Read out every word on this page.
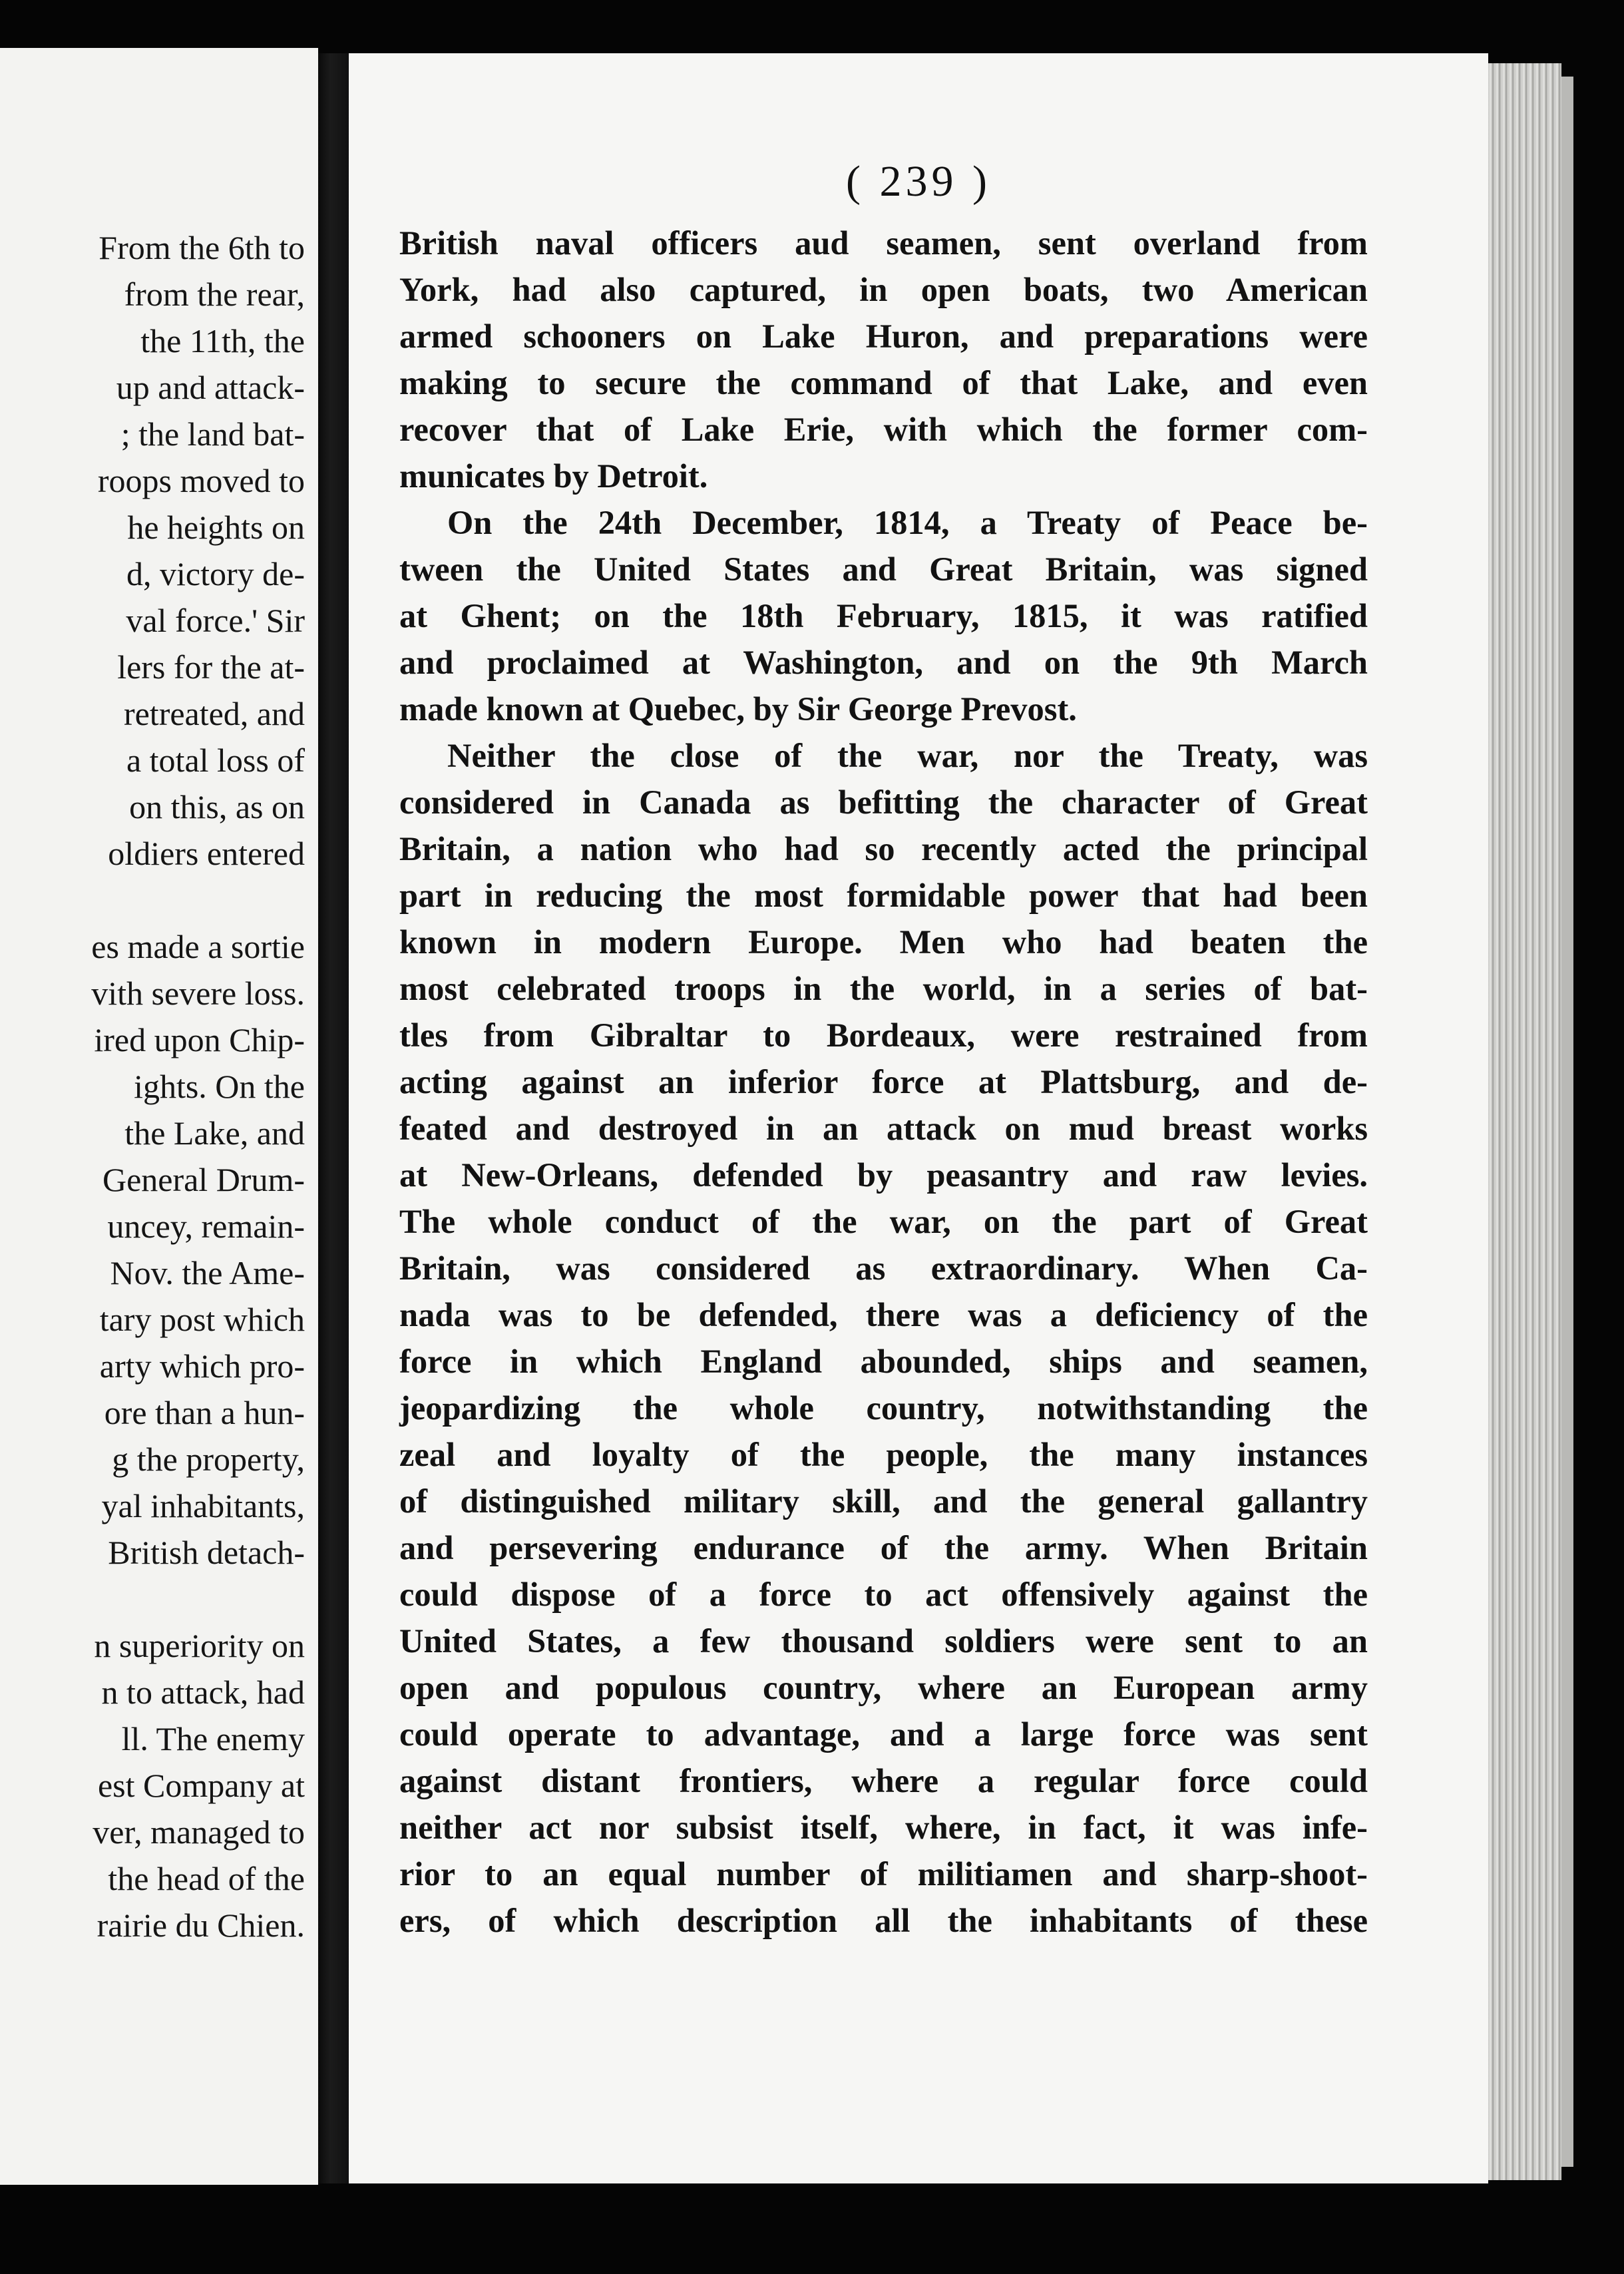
From the 6th to
from the rear,
the 11th, the
up and attack-
; the land bat-
roops moved to
he heights on
d, victory de-
val force.' Sir
lers for the at-
retreated, and
a total loss of
on this, as on
oldiers entered
es made a sortie
vith severe loss.
ired upon Chip-
ights. On the
the Lake, and
General Drum-
uncey, remain-
Nov. the Ame-
tary post which
arty which pro-
ore than a hun-
g the property,
yal inhabitants,
British detach-
n superiority on
n to attack, had
ll. The enemy
est Company at
ver, managed to
the head of the
rairie du Chien.
( 239 )
British naval officers aud seamen, sent overland from
York, had also captured, in open boats, two American
armed schooners on Lake Huron, and preparations were
making to secure the command of that Lake, and even
recover that of Lake Erie, with which the former com-
municates by Detroit.
On the 24th December, 1814, a Treaty of Peace be-
tween the United States and Great Britain, was signed
at Ghent; on the 18th February, 1815, it was ratified
and proclaimed at Washington, and on the 9th March
made known at Quebec, by Sir George Prevost.
Neither the close of the war, nor the Treaty, was
considered in Canada as befitting the character of Great
Britain, a nation who had so recently acted the principal
part in reducing the most formidable power that had been
known in modern Europe. Men who had beaten the
most celebrated troops in the world, in a series of bat-
tles from Gibraltar to Bordeaux, were restrained from
acting against an inferior force at Plattsburg, and de-
feated and destroyed in an attack on mud breast works
at New-Orleans, defended by peasantry and raw levies.
The whole conduct of the war, on the part of Great
Britain, was considered as extraordinary. When Ca-
nada was to be defended, there was a deficiency of the
force in which England abounded, ships and seamen,
jeopardizing the whole country, notwithstanding the
zeal and loyalty of the people, the many instances
of distinguished military skill, and the general gallantry
and persevering endurance of the army. When Britain
could dispose of a force to act offensively against the
United States, a few thousand soldiers were sent to an
open and populous country, where an European army
could operate to advantage, and a large force was sent
against distant frontiers, where a regular force could
neither act nor subsist itself, where, in fact, it was infe-
rior to an equal number of militiamen and sharp-shoot-
ers, of which description all the inhabitants of these
